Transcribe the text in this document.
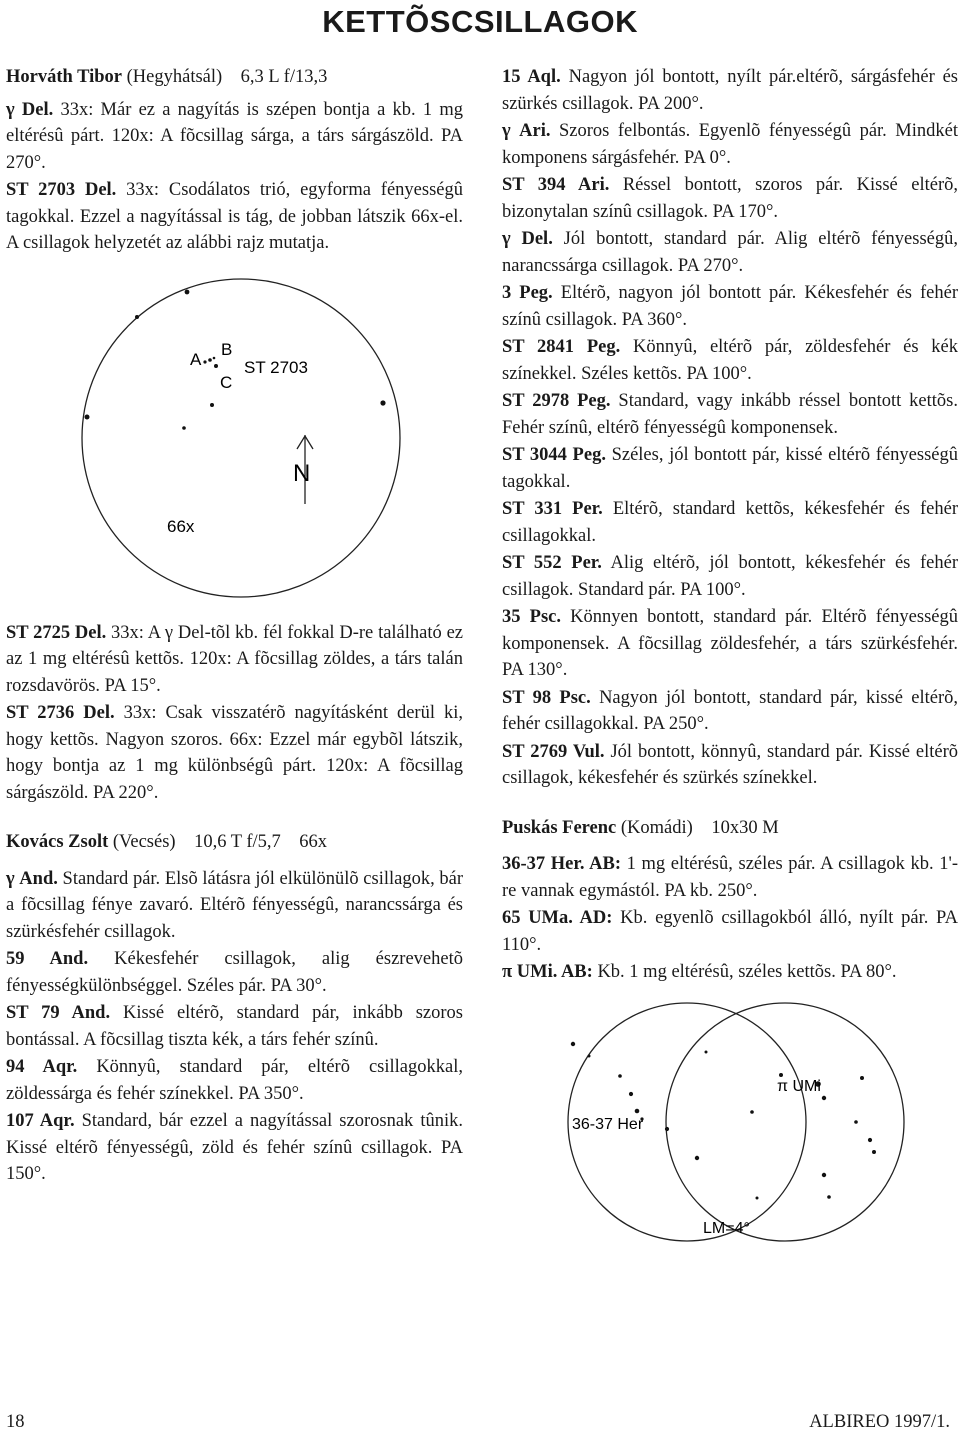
KETTÕSCSILLAGOK

Horváth Tibor (Hegyhátsál) 6,3 L f/13,3

γ Del. 33x: Már ez a nagyítás is szépen bontja a kb. 1 mg eltérésû párt. 120x: A fõcsillag sárga, a társ sárgászöld. PA 270°.

ST 2703 Del. 33x: Csodálatos trió, egyforma fényességû tagokkal. Ezzel a nagyítással is tág, de jobban látszik 66x-el. A csillagok helyzetét az alábbi rajz mutatja.

A
B
C
ST 2703
66x
N

ST 2725 Del. 33x: A γ Del-tõl kb. fél fokkal D-re található ez az 1 mg eltérésû kettõs. 120x: A fõcsillag zöldes, a társ talán rozsdavörös. PA 15°.

ST 2736 Del. 33x: Csak visszatérõ nagyításként derül ki, hogy kettõs. Nagyon szoros. 66x: Ezzel már egybõl látszik, hogy bontja az 1 mg különbségû párt. 120x: A fõcsillag sárgászöld. PA 220°.

Kovács Zsolt (Vecsés) 10,6 T f/5,7    66x

γ And. Standard pár. Elsõ látásra jól elkülönülõ csillagok, bár a fõcsillag fénye zavaró. Eltérõ fényességû, narancssárga és szürkésfehér csillagok.

59 And. Kékesfehér csillagok, alig észrevehetõ fényességkülönbséggel. Széles pár. PA 30°.

ST 79 And. Kissé eltérõ, standard pár, inkább szoros bontással. A fõcsillag tiszta kék, a társ fehér színû.

94 Aqr. Könnyû, standard pár, eltérõ csillagokkal, zöldessárga és fehér színekkel. PA 350°.

107 Aqr. Standard, bár ezzel a nagyítással szorosnak tûnik. Kissé eltérõ fényességû, zöld és fehér színû csillagok. PA 150°.

15 Aql. Nagyon jól bontott, nyílt pár.eltérõ, sárgásfehér és szürkés csillagok. PA 200°.

γ Ari. Szoros felbontás. Egyenlõ fényességû pár. Mindkét komponens sárgásfehér. PA 0°.

ST 394 Ari. Réssel bontott, szoros pár. Kissé eltérõ, bizonytalan színû csillagok. PA 170°.

γ Del. Jól bontott, standard pár. Alig eltérõ fényességû, narancssárga csillagok. PA 270°.

3 Peg. Eltérõ, nagyon jól bontott pár. Kékesfehér és fehér színû csillagok. PA 360°.

ST 2841 Peg. Könnyû, eltérõ pár, zöldesfehér és kék színekkel. Széles kettõs. PA 100°.

ST 2978 Peg. Standard, vagy inkább réssel bontott kettõs. Fehér színû, eltérõ fényességû komponensek.

ST 3044 Peg. Széles, jól bontott pár, kissé eltérõ fényességû tagokkal.

ST 331 Per. Eltérõ, standard kettõs, kékesfehér és fehér csillagokkal.

ST 552 Per. Alig eltérõ, jól bontott, kékesfehér és fehér csillagok. Standard pár. PA 100°.

35 Psc. Könnyen bontott, standard pár. Eltérõ fényességû komponensek. A fõcsillag zöldesfehér, a társ szürkésfehér. PA 130°.

ST 98 Psc. Nagyon jól bontott, standard pár, kissé eltérõ, fehér csillagokkal. PA 250°.

ST 2769 Vul. Jól bontott, könnyû, standard pár. Kissé eltérõ csillagok, kékesfehér és szürkés színekkel.

Puskás Ferenc (Komádi) 10x30 M

36-37 Her. AB: 1 mg eltérésû, széles pár. A csillagok kb. 1'-re vannak egymástól. PA kb. 250°.

65 UMa. AD: Kb. egyenlõ csillagokból álló, nyílt pár. PA 110°.

π UMi. AB: Kb. 1 mg eltérésû, széles kettõs. PA 80°.

36-37 Her
π UMi
LM=4°
18	ALBIREO 1997/1.
